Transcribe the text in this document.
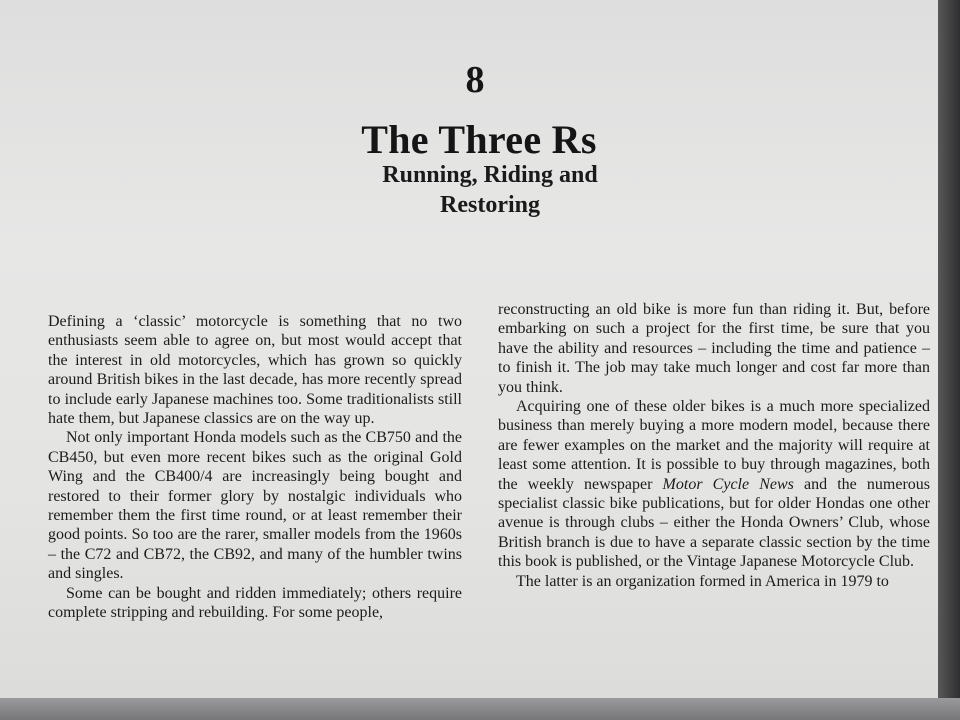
8
The Three Rs
Running, Riding and
Restoring

Defining a ‘classic’ motorcycle is something that no two enthusiasts seem able to agree on, but most would accept that the interest in old motorcycles, which has grown so quickly around British bikes in the last decade, has more recently spread to include early Japanese machines too. Some traditionalists still hate them, but Japanese classics are on the way up.

Not only important Honda models such as the CB750 and the CB450, but even more recent bikes such as the original Gold Wing and the CB400/4 are increasingly being bought and restored to their former glory by nostalgic individuals who remember them the first time round, or at least remember their good points. So too are the rarer, smaller models from the 1960s – the C72 and CB72, the CB92, and many of the humbler twins and singles.

Some can be bought and ridden immediately; others require complete stripping and rebuilding. For some people,

reconstructing an old bike is more fun than riding it. But, before embarking on such a project for the first time, be sure that you have the ability and resources – including the time and patience – to finish it. The job may take much longer and cost far more than you think.

Acquiring one of these older bikes is a much more specialized business than merely buying a more modern model, because there are fewer examples on the market and the majority will require at least some attention. It is possible to buy through magazines, both the weekly newspaper Motor Cycle News and the numerous specialist classic bike publications, but for older Hondas one other avenue is through clubs – either the Honda Owners’ Club, whose British branch is due to have a separate classic section by the time this book is published, or the Vintage Japanese Motorcycle Club.

The latter is an organization formed in America in 1979 to
